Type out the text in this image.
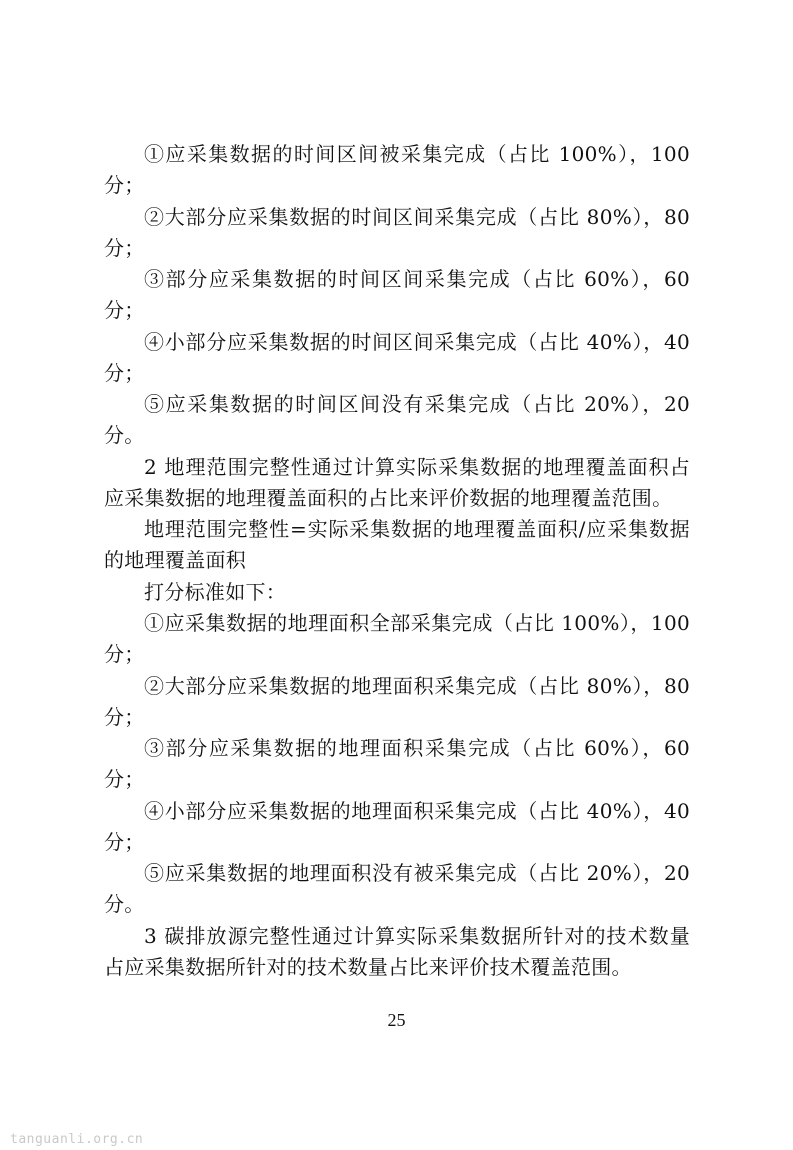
①应采集数据的时间区间被采集完成（占比 100%），100 分；

②大部分应采集数据的时间区间采集完成（占比 80%），80 分；

③部分应采集数据的时间区间采集完成（占比 60%），60 分；

④小部分应采集数据的时间区间采集完成（占比 40%），40 分；

⑤应采集数据的时间区间没有采集完成（占比 20%），20 分。

2 地理范围完整性通过计算实际采集数据的地理覆盖面积占应采集数据的地理覆盖面积的占比来评价数据的地理覆盖范围。

地理范围完整性=实际采集数据的地理覆盖面积/应采集数据的地理覆盖面积

打分标准如下：

①应采集数据的地理面积全部采集完成（占比 100%），100 分；

②大部分应采集数据的地理面积采集完成（占比 80%），80 分；

③部分应采集数据的地理面积采集完成（占比 60%），60 分；

④小部分应采集数据的地理面积采集完成（占比 40%），40 分；

⑤应采集数据的地理面积没有被采集完成（占比 20%），20 分。

3 碳排放源完整性通过计算实际采集数据所针对的技术数量占应采集数据所针对的技术数量占比来评价技术覆盖范围。

25
tanguanli.org.cn
